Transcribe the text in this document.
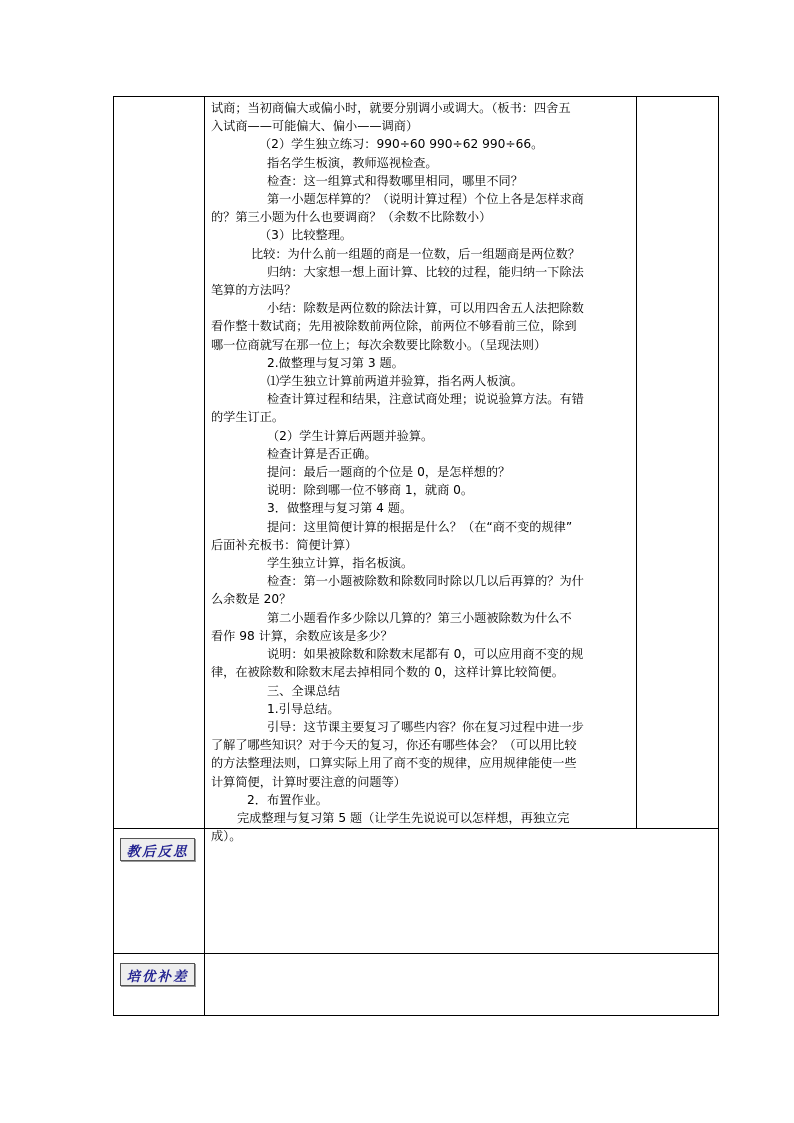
试商；当初商偏大或偏小时，就要分别调小或调大。（板书：四舍五

入试商——可能偏大、偏小——调商）

（2）学生独立练习：990÷60 990÷62 990÷66。

指名学生板演，教师巡视检查。

检查：这一组算式和得数哪里相同，哪里不同？

第一小题怎样算的？（说明计算过程）个位上各是怎样求商

的？第三小题为什么也要调商？（余数不比除数小）

（3）比较整理。

比较：为什么前一组题的商是一位数，后一组题商是两位数？

归纳：大家想一想上面计算、比较的过程，能归纳一下除法

笔算的方法吗？

小结：除数是两位数的除法计算，可以用四舍五人法把除数

看作整十数试商；先用被除数前两位除，前两位不够看前三位，除到

哪一位商就写在那一位上；每次余数要比除数小。（呈现法则）

2.做整理与复习第 3 题。

⑴学生独立计算前两道并验算，指名两人板演。

检查计算过程和结果，注意试商处理；说说验算方法。有错

的学生订正。

（2）学生计算后两题并验算。

检查计算是否正确。

提问：最后一题商的个位是 0，是怎样想的？

说明：除到哪一位不够商 1，就商 0。

3．做整理与复习第 4 题。

提问：这里简便计算的根据是什么？（在“商不变的规律”

后面补充板书：简便计算）

学生独立计算，指名板演。

检查：第一小题被除数和除数同时除以几以后再算的？为什

么余数是 20？

第二小题看作多少除以几算的？第三小题被除数为什么不

看作 98 计算，余数应该是多少？

说明：如果被除数和除数末尾都有 0，可以应用商不变的规

律，在被除数和除数末尾去掉相同个数的 0，这样计算比较简便。

三、全课总结

1.引导总结。

引导：这节课主要复习了哪些内容？你在复习过程中进一步

了解了哪些知识？对于今天的复习，你还有哪些体会？（可以用比较

的方法整理法则，口算实际上用了商不变的规律，应用规律能使一些

计算简便，计算时要注意的问题等）

2．布置作业。

完成整理与复习第 5 题（让学生先说说可以怎样想，再独立完

成）。

教后反思
培优补差
